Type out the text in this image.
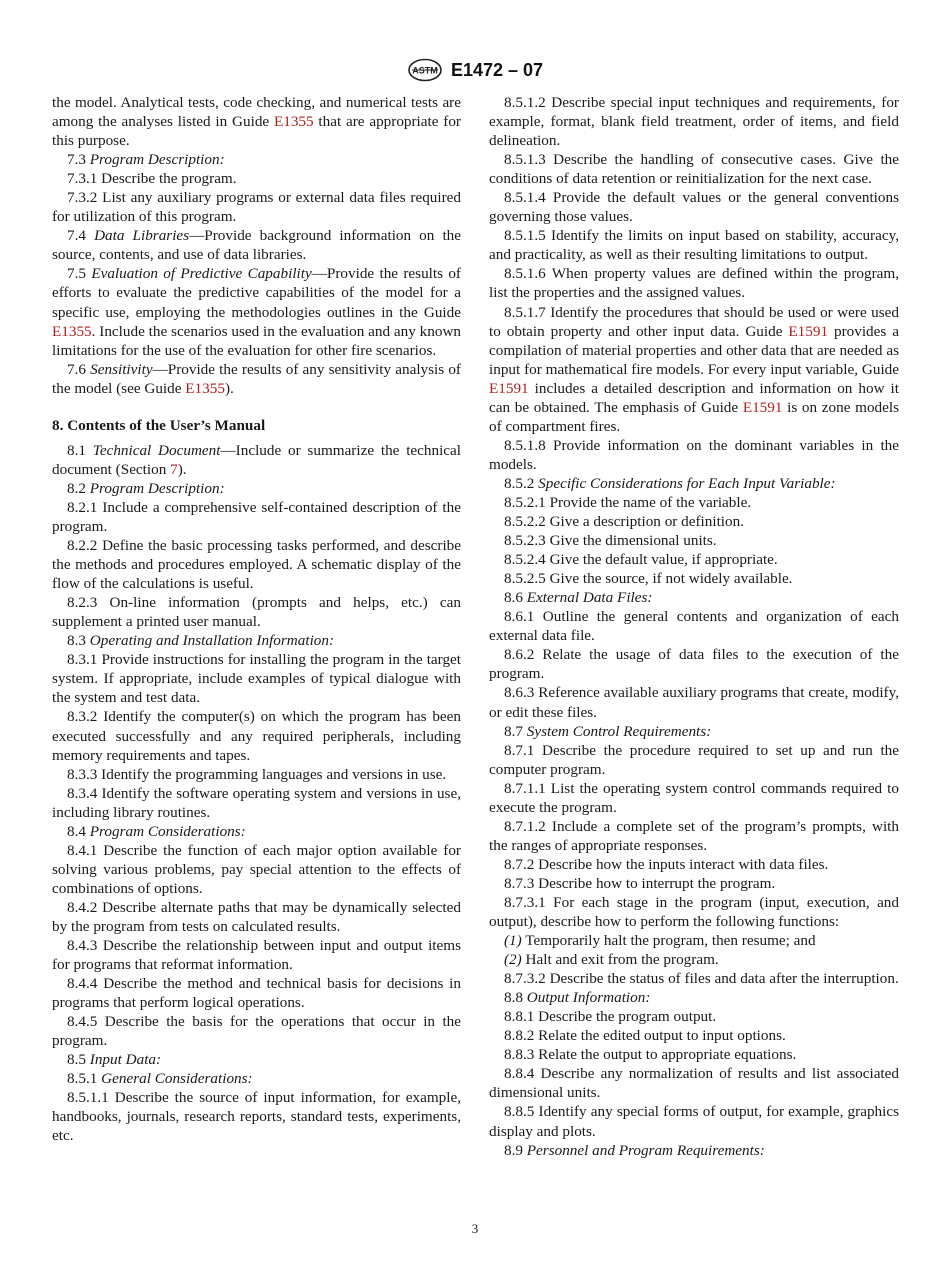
ASTM E1472 – 07

the model. Analytical tests, code checking, and numerical tests are among the analyses listed in Guide E1355 that are appropriate for this purpose.

7.3 Program Description:

7.3.1 Describe the program.

7.3.2 List any auxiliary programs or external data files required for utilization of this program.

7.4 Data Libraries—Provide background information on the source, contents, and use of data libraries.

7.5 Evaluation of Predictive Capability—Provide the results of efforts to evaluate the predictive capabilities of the model for a specific use, employing the methodologies outlines in the Guide E1355. Include the scenarios used in the evaluation and any known limitations for the use of the evaluation for other fire scenarios.

7.6 Sensitivity—Provide the results of any sensitivity analysis of the model (see Guide E1355).

8. Contents of the User’s Manual

8.1 Technical Document—Include or summarize the technical document (Section 7).

8.2 Program Description:

8.2.1 Include a comprehensive self-contained description of the program.

8.2.2 Define the basic processing tasks performed, and describe the methods and procedures employed. A schematic display of the flow of the calculations is useful.

8.2.3 On-line information (prompts and helps, etc.) can supplement a printed user manual.

8.3 Operating and Installation Information:

8.3.1 Provide instructions for installing the program in the target system. If appropriate, include examples of typical dialogue with the system and test data.

8.3.2 Identify the computer(s) on which the program has been executed successfully and any required peripherals, including memory requirements and tapes.

8.3.3 Identify the programming languages and versions in use.

8.3.4 Identify the software operating system and versions in use, including library routines.

8.4 Program Considerations:

8.4.1 Describe the function of each major option available for solving various problems, pay special attention to the effects of combinations of options.

8.4.2 Describe alternate paths that may be dynamically selected by the program from tests on calculated results.

8.4.3 Describe the relationship between input and output items for programs that reformat information.

8.4.4 Describe the method and technical basis for decisions in programs that perform logical operations.

8.4.5 Describe the basis for the operations that occur in the program.

8.5 Input Data:

8.5.1 General Considerations:

8.5.1.1 Describe the source of input information, for example, handbooks, journals, research reports, standard tests, experiments, etc.

8.5.1.2 Describe special input techniques and requirements, for example, format, blank field treatment, order of items, and field delineation.

8.5.1.3 Describe the handling of consecutive cases. Give the conditions of data retention or reinitialization for the next case.

8.5.1.4 Provide the default values or the general conventions governing those values.

8.5.1.5 Identify the limits on input based on stability, accuracy, and practicality, as well as their resulting limitations to output.

8.5.1.6 When property values are defined within the program, list the properties and the assigned values.

8.5.1.7 Identify the procedures that should be used or were used to obtain property and other input data. Guide E1591 provides a compilation of material properties and other data that are needed as input for mathematical fire models. For every input variable, Guide E1591 includes a detailed description and information on how it can be obtained. The emphasis of Guide E1591 is on zone models of compartment fires.

8.5.1.8 Provide information on the dominant variables in the models.

8.5.2 Specific Considerations for Each Input Variable:

8.5.2.1 Provide the name of the variable.

8.5.2.2 Give a description or definition.

8.5.2.3 Give the dimensional units.

8.5.2.4 Give the default value, if appropriate.

8.5.2.5 Give the source, if not widely available.

8.6 External Data Files:

8.6.1 Outline the general contents and organization of each external data file.

8.6.2 Relate the usage of data files to the execution of the program.

8.6.3 Reference available auxiliary programs that create, modify, or edit these files.

8.7 System Control Requirements:

8.7.1 Describe the procedure required to set up and run the computer program.

8.7.1.1 List the operating system control commands required to execute the program.

8.7.1.2 Include a complete set of the program’s prompts, with the ranges of appropriate responses.

8.7.2 Describe how the inputs interact with data files.

8.7.3 Describe how to interrupt the program.

8.7.3.1 For each stage in the program (input, execution, and output), describe how to perform the following functions:

(1) Temporarily halt the program, then resume; and

(2) Halt and exit from the program.

8.7.3.2 Describe the status of files and data after the interruption.

8.8 Output Information:

8.8.1 Describe the program output.

8.8.2 Relate the edited output to input options.

8.8.3 Relate the output to appropriate equations.

8.8.4 Describe any normalization of results and list associated dimensional units.

8.8.5 Identify any special forms of output, for example, graphics display and plots.

8.9 Personnel and Program Requirements:

3
